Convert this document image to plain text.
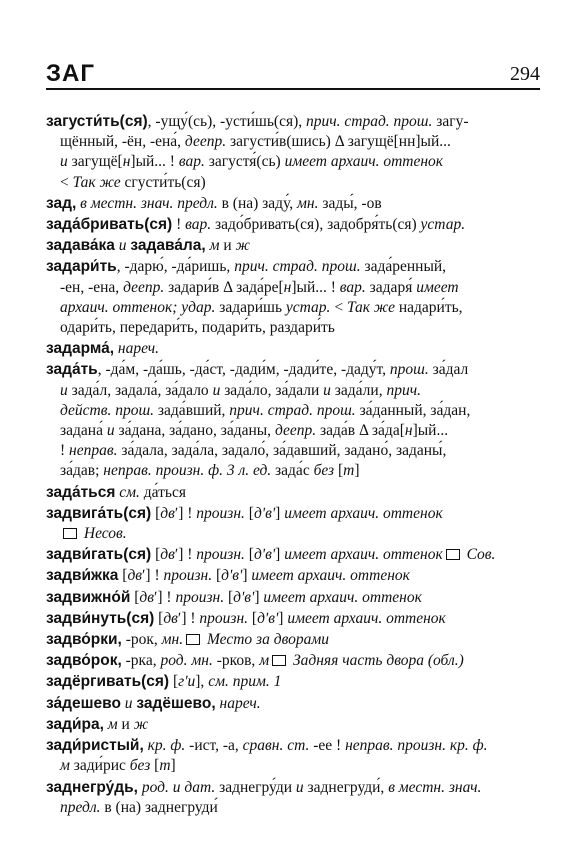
ЗАГ	294
загусти́ть(ся), -ущу́(сь), -усти́шь(ся), прич. страд. прош. загу-
щённый, -ён, -ена́, деепр. загусти́в(шись) Δ загущё[нн]ый...
и загущё[н]ый... ! вар. загустя́(сь) имеет архаич. оттенок
< Так же сгусти́ть(ся)
зад, в местн. знач. предл. в (на) заду́, мн. зады́, -ов
зада́бривать(ся) ! вар. задо́бривать(ся), задобря́ть(ся) устар.
задава́ка и задава́ла, м и ж
задари́ть, -дарю́, -да́ришь, прич. страд. прош. зада́ренный,
-ен, -ена, деепр. задари́в Δ зада́ре[н]ый... ! вар. задаря́ имеет
архаич. оттенок; удар. задари́шь устар. < Так же надари́ть,
одари́ть, передари́ть, подари́ть, раздари́ть
задарма́, нареч.
зада́ть, -да́м, -да́шь, -да́ст, -дади́м, -дади́те, -даду́т, прош. за́дал
и зада́л, задала́, за́дало и зада́ло, за́дали и зада́ли, прич.
действ. прош. зада́вший, прич. страд. прош. за́данный, за́дан,
задана́ и за́дана, за́дано, за́даны, деепр. зада́в Δ за́да[н]ый...
! неправ. за́дала, зада́ла, задало́, за́давший, задано́, заданы́,
за́дав; неправ. произн. ф. 3 л. ед. зада́с без [т]
зада́ться см. да́ться
задвига́ть(ся) [двʹ] ! произн. [дʹвʹ] имеет архаич. оттенок
Несов.
задви́гать(ся) [двʹ] ! произн. [дʹвʹ] имеет архаич. оттенок Сов.
задви́жка [двʹ] ! произн. [дʹвʹ] имеет архаич. оттенок
задвижно́й [двʹ] ! произн. [дʹвʹ] имеет архаич. оттенок
задви́нуть(ся) [двʹ] ! произн. [дʹвʹ] имеет архаич. оттенок
задво́рки, -рок, мн. Место за дворами
задво́рок, -рка, род. мн. -рков, м Задняя часть двора (обл.)
задёргивать(ся) [гʹи], см. прим. 1
за́дешево и задёшево, нареч.
зади́ра, м и ж
зади́ристый, кр. ф. -ист, -а, сравн. ст. -ее ! неправ. произн. кр. ф.
м зади́рис без [т]
заднегру́дь, род. и дат. заднегру́ди и заднегруди́, в местн. знач.
предл. в (на) заднегруди́
